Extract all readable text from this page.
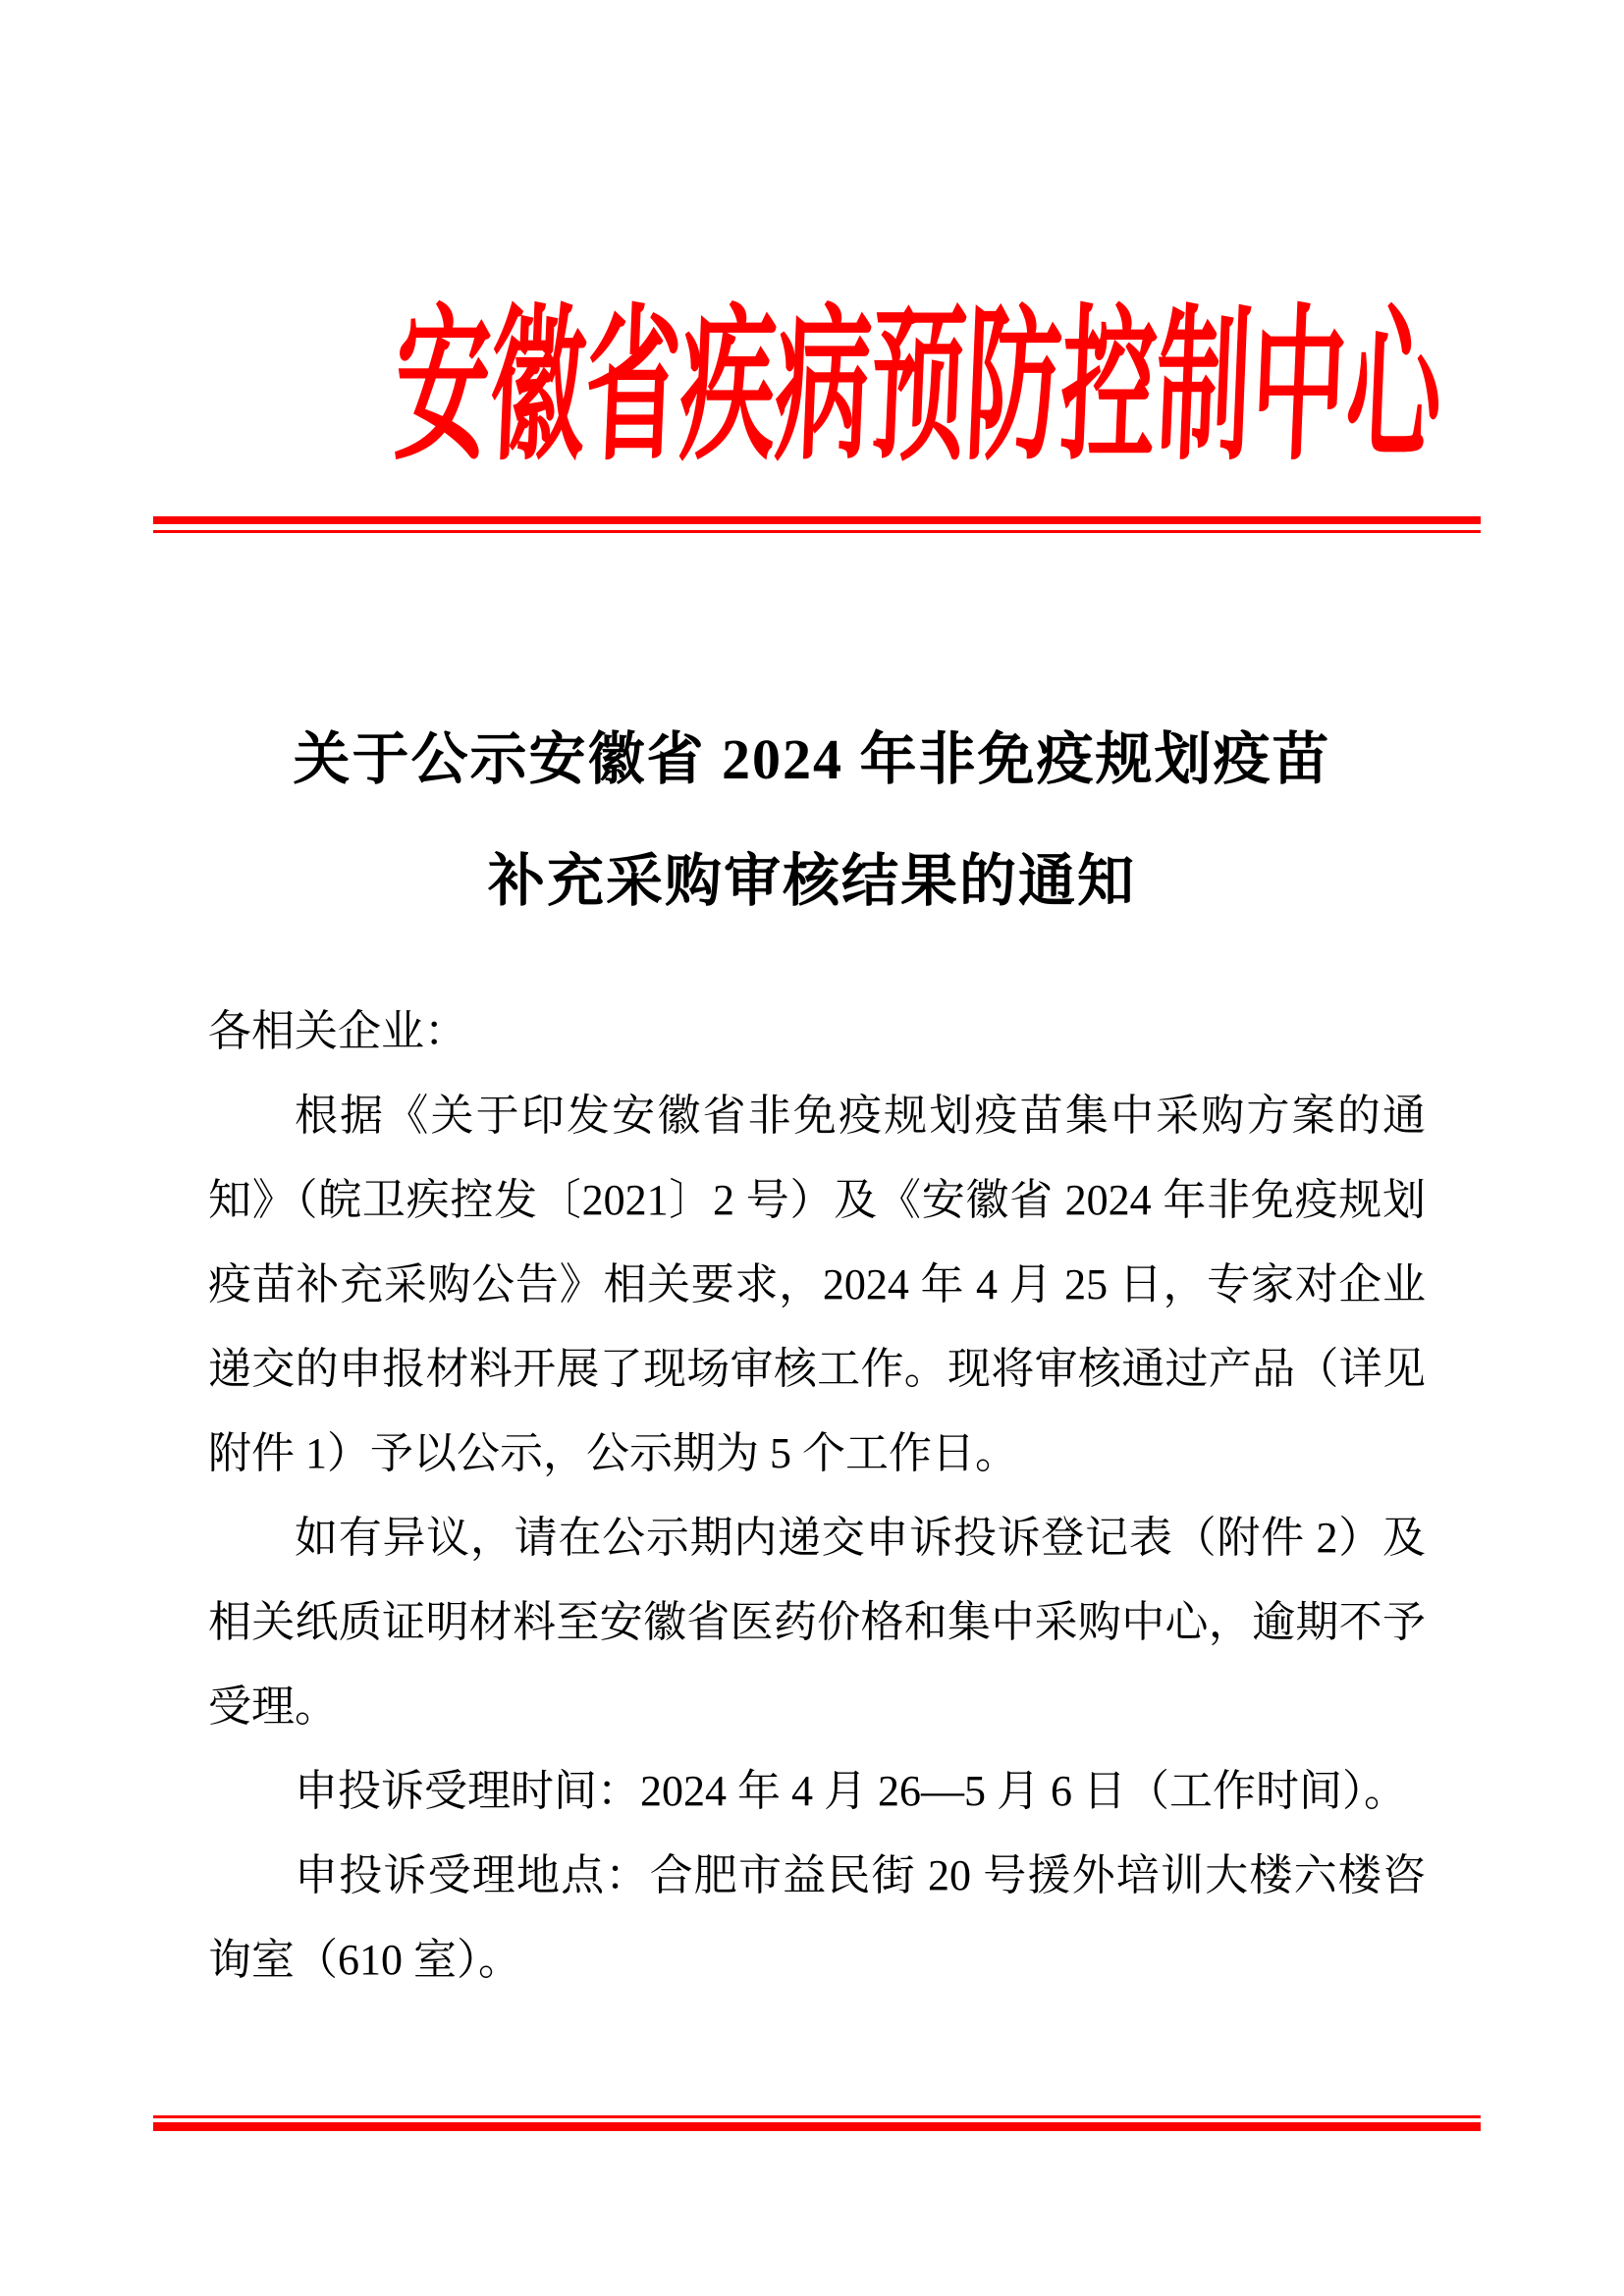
安徽省疾病预防控制中心
关于公示安徽省 2024 年非免疫规划疫苗
补充采购审核结果的通知

各相关企业：

根据《关于印发安徽省非免疫规划疫苗集中采购方案的通知》（皖卫疾控发〔2021〕2 号）及《安徽省 2024 年非免疫规划疫苗补充采购公告》相关要求，2024 年 4 月 25 日，专家对企业递交的申报材料开展了现场审核工作。现将审核通过产品（详见附件 1）予以公示，公示期为 5 个工作日。

如有异议，请在公示期内递交申诉投诉登记表（附件 2）及相关纸质证明材料至安徽省医药价格和集中采购中心，逾期不予受理。

申投诉受理时间：2024 年 4 月 26—5 月 6 日（工作时间）。

申投诉受理地点：合肥市益民街 20 号援外培训大楼六楼咨询室（610 室）。
